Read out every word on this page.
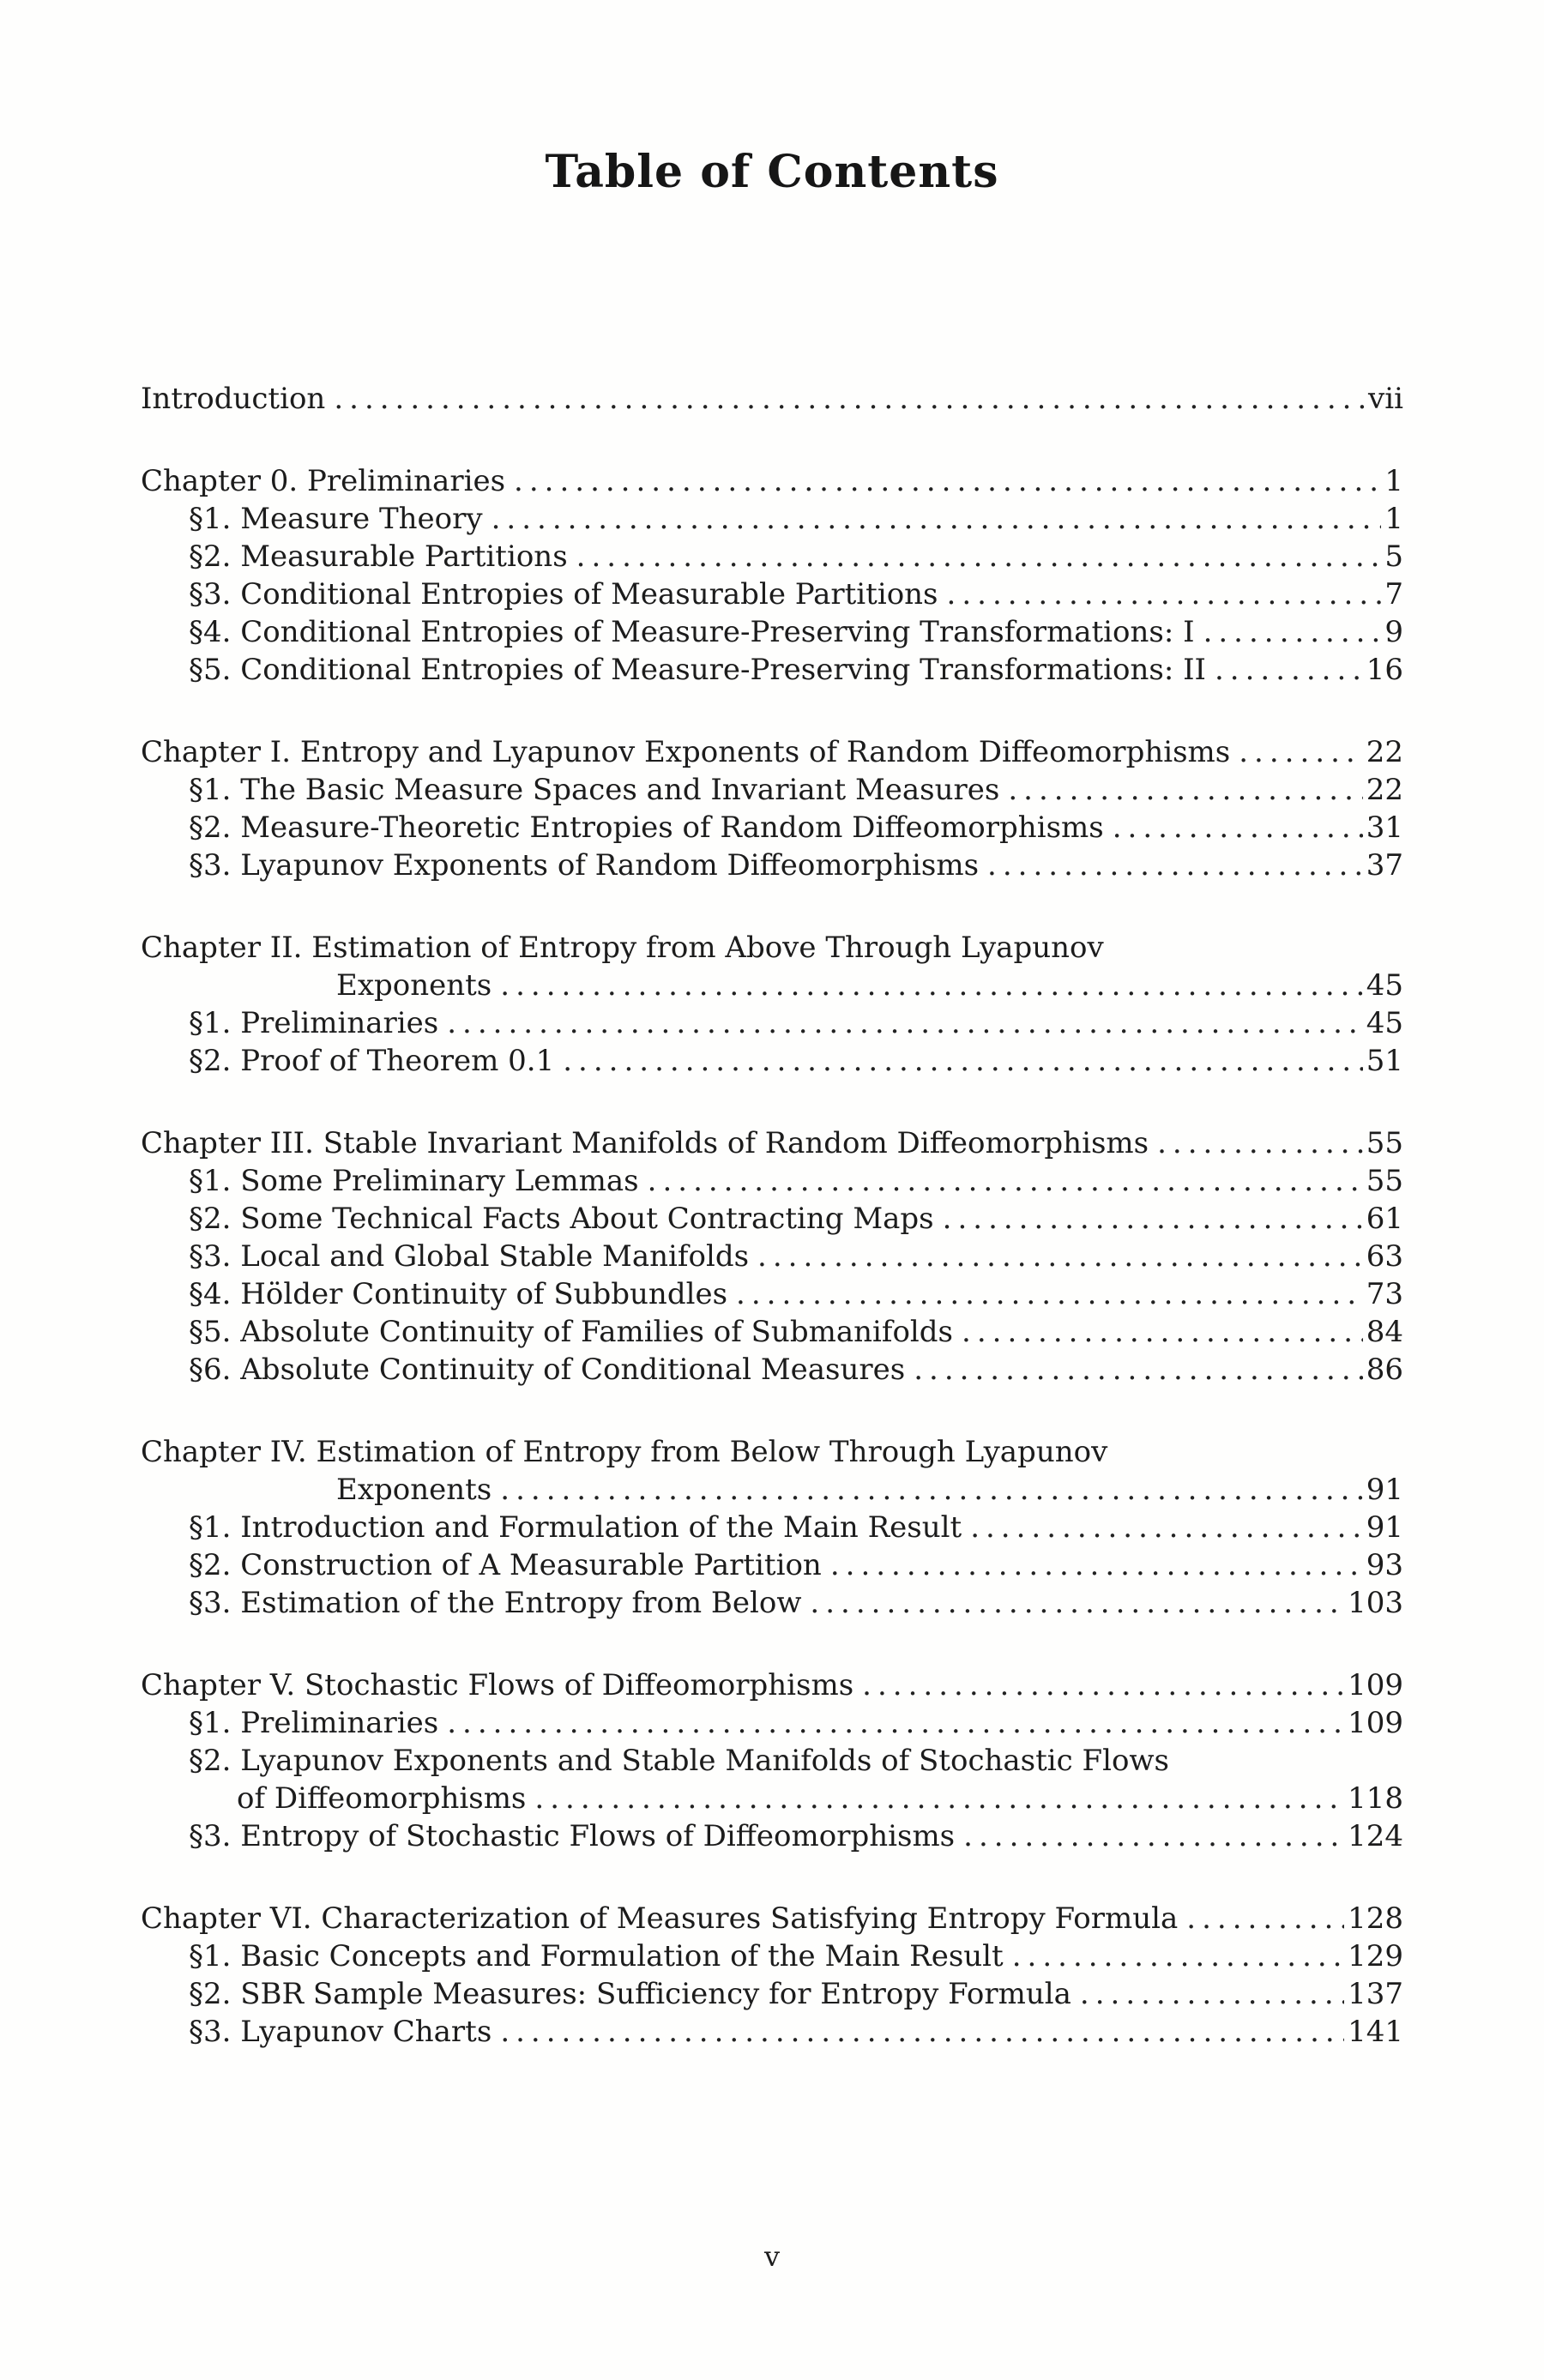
Table of Contents
Introduction .....	vii
Chapter 0. Preliminaries .....	1
§1. Measure Theory .....	1
§2. Measurable Partitions .....	5
§3. Conditional Entropies of Measurable Partitions .....	7
§4. Conditional Entropies of Measure-Preserving Transformations: I .....	9
§5. Conditional Entropies of Measure-Preserving Transformations: II .....	16
Chapter I. Entropy and Lyapunov Exponents of Random Diffeomorphisms .....	22
§1. The Basic Measure Spaces and Invariant Measures .....	22
§2. Measure-Theoretic Entropies of Random Diffeomorphisms .....	31
§3. Lyapunov Exponents of Random Diffeomorphisms .....	37
Chapter II. Estimation of Entropy from Above Through Lyapunov
Exponents .....	45
§1. Preliminaries .....	45
§2. Proof of Theorem 0.1 .....	51
Chapter III. Stable Invariant Manifolds of Random Diffeomorphisms .....	55
§1. Some Preliminary Lemmas .....	55
§2. Some Technical Facts About Contracting Maps .....	61
§3. Local and Global Stable Manifolds .....	63
§4. Hölder Continuity of Subbundles .....	73
§5. Absolute Continuity of Families of Submanifolds .....	84
§6. Absolute Continuity of Conditional Measures .....	86
Chapter IV. Estimation of Entropy from Below Through Lyapunov
Exponents .....	91
§1. Introduction and Formulation of the Main Result .....	91
§2. Construction of A Measurable Partition .....	93
§3. Estimation of the Entropy from Below .....	103
Chapter V. Stochastic Flows of Diffeomorphisms .....	109
§1. Preliminaries .....	109
§2. Lyapunov Exponents and Stable Manifolds of Stochastic Flows
of Diffeomorphisms .....	118
§3. Entropy of Stochastic Flows of Diffeomorphisms .....	124
Chapter VI. Characterization of Measures Satisfying Entropy Formula .....	128
§1. Basic Concepts and Formulation of the Main Result .....	129
§2. SBR Sample Measures: Sufficiency for Entropy Formula .....	137
§3. Lyapunov Charts .....	141
v
